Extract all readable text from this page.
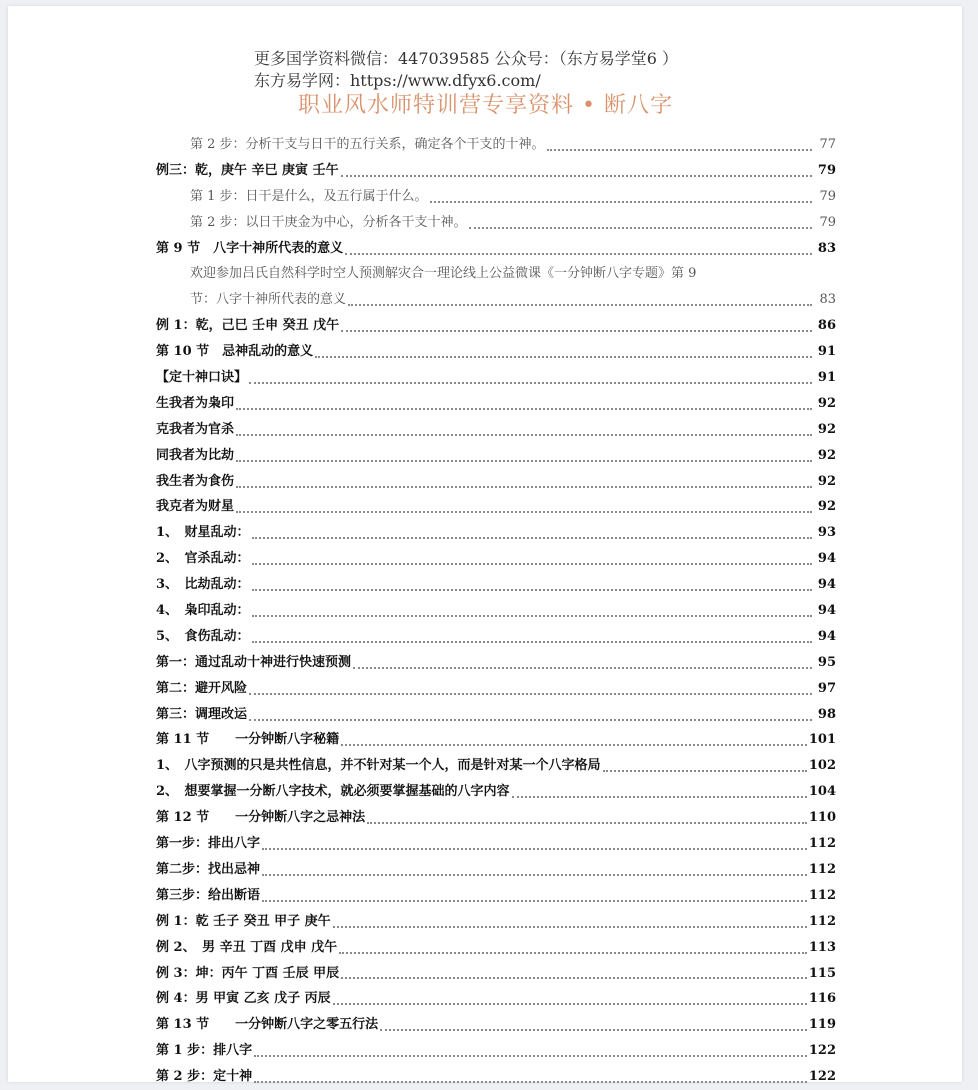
更多国学资料微信：447039585 公众号：（东方易学堂6 ）
东方易学网：https://www.dfyx6.com/
职业风水师特训营专享资料 • 断八字
第 2 步：分析干支与日干的五行关系，确定各个干支的十神。	77
例三：乾，庚午 辛巳 庚寅 壬午	79
第 1 步：日干是什么，及五行属于什么。	79
第 2 步：以日干庚金为中心，分析各干支十神。	79
第 9 节　八字十神所代表的意义	83
欢迎参加吕氏自然科学时空人预测解灾合一理论线上公益微课《一分钟断八字专题》第 9
节：八字十神所代表的意义	83
例 1：乾，己巳 壬申 癸丑 戊午	86
第 10 节　忌神乱动的意义	91
【定十神口诀】	91
生我者为枭印	92
克我者为官杀	92
同我者为比劫	92
我生者为食伤	92
我克者为财星	92
1、　财星乱动：	93
2、　官杀乱动：	94
3、　比劫乱动：	94
4、　枭印乱动：	94
5、　食伤乱动：	94
第一：通过乱动十神进行快速预测	95
第二：避开风险	97
第三：调理改运	98
第 11 节　　一分钟断八字秘籍	101
1、　八字预测的只是共性信息，并不针对某一个人，而是针对某一个八字格局	102
2、　想要掌握一分断八字技术，就必须要掌握基础的八字内容	104
第 12 节　　一分钟断八字之忌神法	110
第一步：排出八字	112
第二步：找出忌神	112
第三步：给出断语	112
例 1：乾 壬子 癸丑 甲子 庚午	112
例 2、　男 辛丑 丁酉 戊申 戊午	113
例 3：坤：丙午 丁酉 壬辰 甲辰	115
例 4：男 甲寅 乙亥 戊子 丙辰	116
第 13 节　　一分钟断八字之零五行法	119
第 1 步：排八字	122
第 2 步：定十神	122
